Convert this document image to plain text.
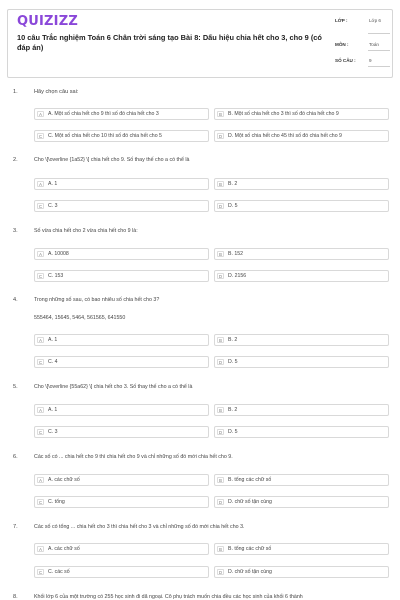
QUIZIZZ
10 câu Trắc nghiệm Toán 6 Chân trời sáng tạo Bài 8: Dấu hiệu chia hết cho 3, cho 9 (có đáp án)
LỚP :	Lớp 6
MÔN :	Toán
SỐ CÂU :	9
1.	Hãy chọn câu sai:
A	A. Một số chia hết cho 9 thì số đó chia hết cho 3	B	B. Một số chia hết cho 3 thì số đó chia hết cho 9
C	C. Một số chia hết cho 10 thì số đó chia hết cho 5	D	D. Một số chia hết cho 45 thì số đó chia hết cho 9
2.	Cho \[\overline {1a52} \] chia hết cho 9. Số thay thế cho a có thể là
A	A. 1	B	B. 2
C	C. 3	D	D. 5
3.	Số vừa chia hết cho 2 vừa chia hết cho 9 là:
A	A. 10008	B	B. 152
C	C. 153	D	D. 2156
4.	Trong những số sau, có bao nhiêu số chia hết cho 3?
555464, 15645, 5464, 561565, 641550
A	A. 1	B	B. 2
C	C. 4	D	D. 5
5.	Cho \[\overline {55a62} \] chia hết cho 3. Số thay thế cho a có thể là
A	A. 1	B	B. 2
C	C. 3	D	D. 5
6.	Các số có ... chia hết cho 9 thì chia hết cho 9 và chỉ những số đó mới chia hết cho 9.
A	A. các chữ số	B	B. tổng các chữ số
C	C. tổng	D	D. chữ số tận cùng
7.	Các số có tổng ... chia hết cho 3 thì chia hết cho 3 và chỉ những số đó mới chia hết cho 3.
A	A. các chữ số	B	B. tổng các chữ số
C	C. các số	D	D. chữ số tận cùng
8.	Khối lớp 6 của một trường có 255 học sinh đi dã ngoại. Cô phụ trách muốn chia đều các học sinh của khối 6 thành
